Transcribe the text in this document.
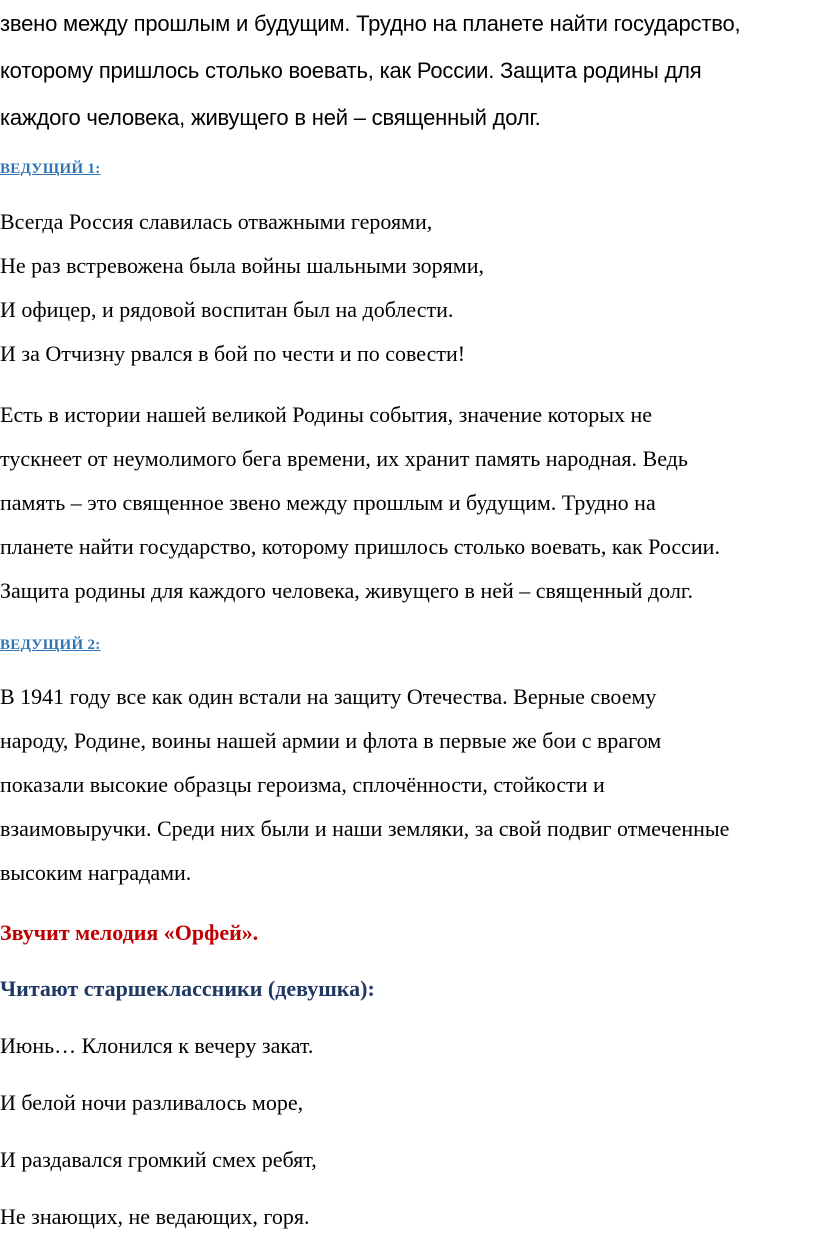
звено между прошлым и будущим. Трудно на планете найти государство,
которому пришлось столько воевать, как России. Защита родины для
каждого человека, живущего в ней – священный долг.
ВЕДУЩИЙ 1:
Всегда Россия славилась отважными героями,
Не раз встревожена была войны шальными зорями,
И офицер, и рядовой воспитан был на доблести.
И за Отчизну рвался в бой по чести и по совести!
Есть в истории нашей великой Родины события, значение которых не
тускнеет от неумолимого бега времени, их хранит память народная. Ведь
память – это священное звено между прошлым и будущим. Трудно на
планете найти государство, которому пришлось столько воевать, как России.
Защита родины для каждого человека, живущего в ней – священный долг.
ВЕДУЩИЙ 2:
В 1941 году все как один встали на защиту Отечества. Верные своему
народу, Родине, воины нашей армии и флота в первые же бои с врагом
показали высокие образцы героизма, сплочённости, стойкости и
взаимовыручки. Среди них были и наши земляки, за свой подвиг отмеченные
высоким наградами.
Звучит мелодия «Орфей».
Читают старшеклассники (девушка):
Июнь… Клонился к вечеру закат.
И белой ночи разливалось море,
И раздавался громкий смех ребят,
Не знающих, не ведающих, горя.
